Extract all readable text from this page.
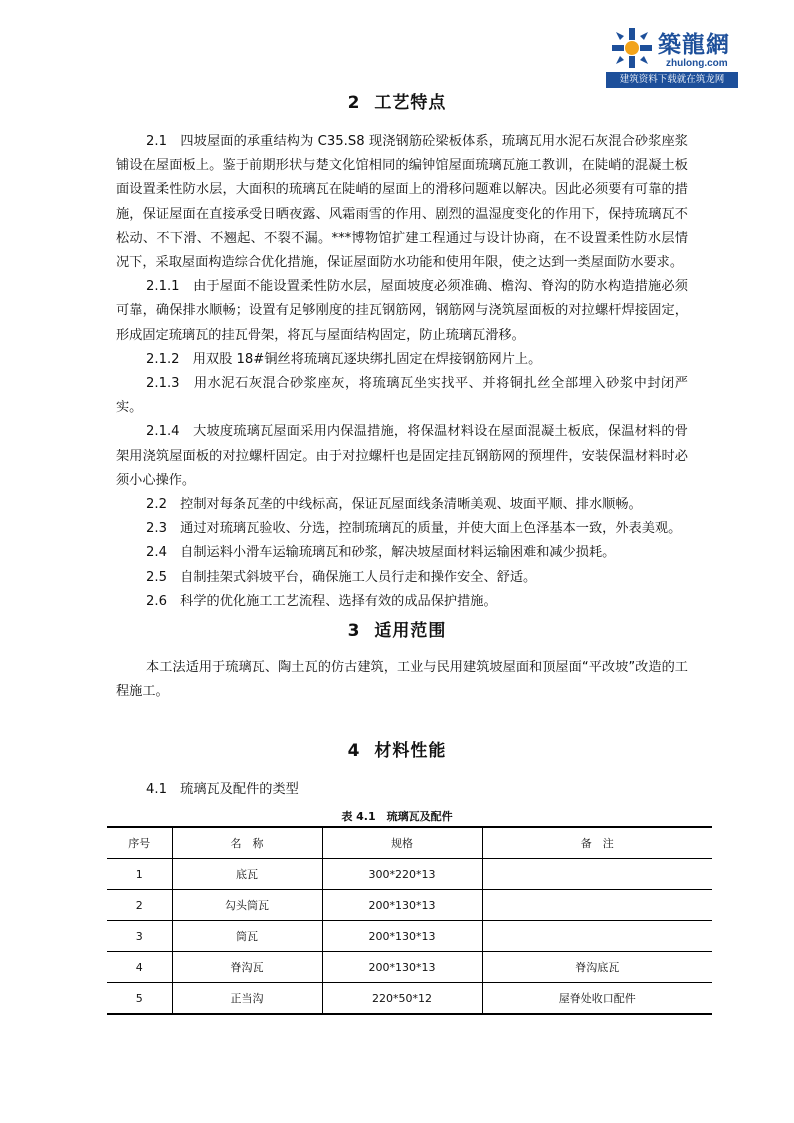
築龍網
zhulong.com
建筑资料下载就在筑龙网
2 工艺特点

2.1　四坡屋面的承重结构为 C35.S8 现浇钢筋砼梁板体系，琉璃瓦用水泥石灰混合砂浆座浆铺设在屋面板上。鉴于前期形状与楚文化馆相同的编钟馆屋面琉璃瓦施工教训，在陡峭的混凝土板面设置柔性防水层，大面积的琉璃瓦在陡峭的屋面上的滑移问题难以解决。因此必须要有可靠的措施，保证屋面在直接承受日晒夜露、风霜雨雪的作用、剧烈的温湿度变化的作用下，保持琉璃瓦不松动、不下滑、不翘起、不裂不漏。***博物馆扩建工程通过与设计协商，在不设置柔性防水层情况下，采取屋面构造综合优化措施，保证屋面防水功能和使用年限，使之达到一类屋面防水要求。

2.1.1　由于屋面不能设置柔性防水层，屋面坡度必须准确、檐沟、脊沟的防水构造措施必须可靠，确保排水顺畅；设置有足够刚度的挂瓦钢筋网，钢筋网与浇筑屋面板的对拉螺杆焊接固定，形成固定琉璃瓦的挂瓦骨架，将瓦与屋面结构固定，防止琉璃瓦滑移。

2.1.2　用双股 18#铜丝将琉璃瓦逐块绑扎固定在焊接钢筋网片上。

2.1.3　用水泥石灰混合砂浆座灰，将琉璃瓦坐实找平、并将铜扎丝全部埋入砂浆中封闭严实。

2.1.4　大坡度琉璃瓦屋面采用内保温措施，将保温材料设在屋面混凝土板底，保温材料的骨架用浇筑屋面板的对拉螺杆固定。由于对拉螺杆也是固定挂瓦钢筋网的预埋件，安装保温材料时必须小心操作。

2.2　控制对每条瓦垄的中线标高，保证瓦屋面线条清晰美观、坡面平顺、排水顺畅。

2.3　通过对琉璃瓦验收、分选，控制琉璃瓦的质量，并使大面上色泽基本一致，外表美观。

2.4　自制运料小滑车运输琉璃瓦和砂浆，解决坡屋面材料运输困难和减少损耗。

2.5　自制挂架式斜坡平台，确保施工人员行走和操作安全、舒适。

2.6　科学的优化施工工艺流程、选择有效的成品保护措施。

3 适用范围

本工法适用于琉璃瓦、陶土瓦的仿古建筑，工业与民用建筑坡屋面和顶屋面“平改坡”改造的工程施工。

4 材料性能

4.1　琉璃瓦及配件的类型

表 4.1　琉璃瓦及配件
序号	名　称	规格	备　注
1	底瓦	300*220*13	
2	勾头筒瓦	200*130*13	
3	筒瓦	200*130*13	
4	脊沟瓦	200*130*13	脊沟底瓦
5	正当沟	220*50*12	屋脊处收口配件
